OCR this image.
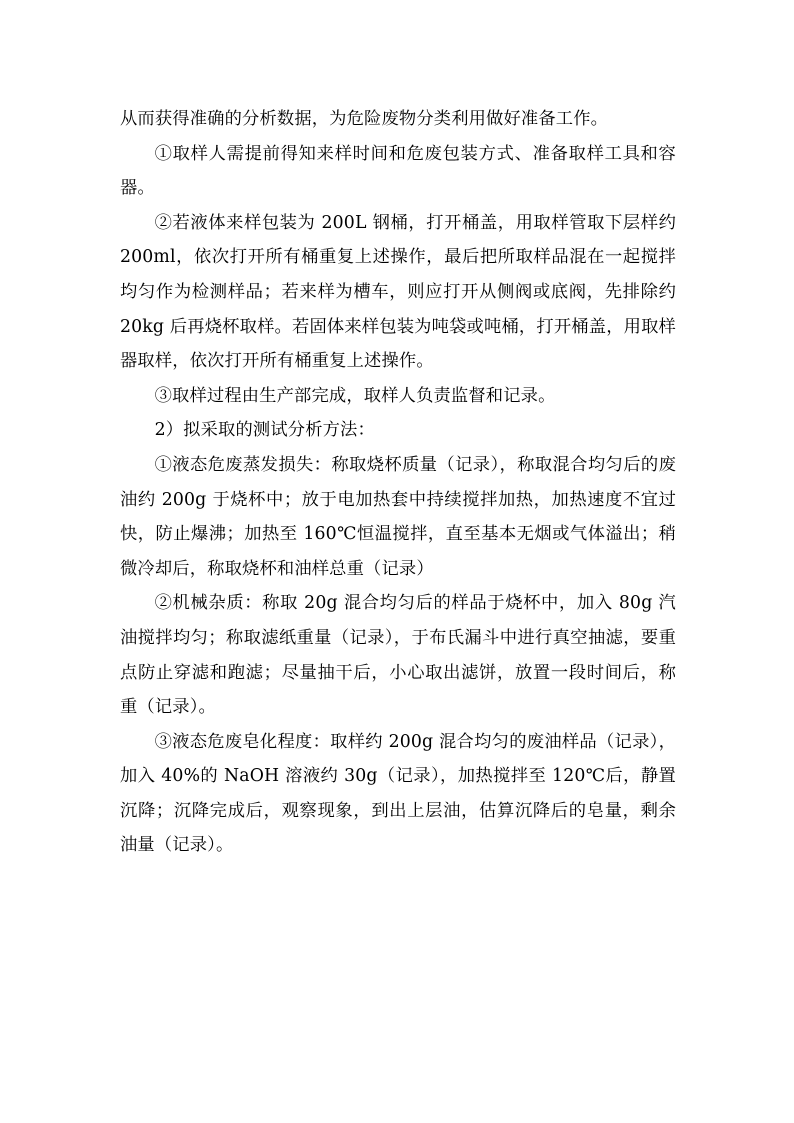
从而获得准确的分析数据，为危险废物分类利用做好准备工作。

①取样人需提前得知来样时间和危废包装方式、准备取样工具和容器。

②若液体来样包装为 200L 钢桶，打开桶盖，用取样管取下层样约 200ml，依次打开所有桶重复上述操作，最后把所取样品混在一起搅拌均匀作为检测样品；若来样为槽车，则应打开从侧阀或底阀，先排除约 20kg 后再烧杯取样。若固体来样包装为吨袋或吨桶，打开桶盖，用取样器取样，依次打开所有桶重复上述操作。

③取样过程由生产部完成，取样人负责监督和记录。

2）拟采取的测试分析方法：

①液态危废蒸发损失：称取烧杯质量（记录），称取混合均匀后的废油约 200g 于烧杯中；放于电加热套中持续搅拌加热，加热速度不宜过快，防止爆沸；加热至 160℃恒温搅拌，直至基本无烟或气体溢出；稍微冷却后，称取烧杯和油样总重（记录）

②机械杂质：称取 20g 混合均匀后的样品于烧杯中，加入 80g 汽油搅拌均匀；称取滤纸重量（记录），于布氏漏斗中进行真空抽滤，要重点防止穿滤和跑滤；尽量抽干后，小心取出滤饼，放置一段时间后，称重（记录）。

③液态危废皂化程度：取样约 200g 混合均匀的废油样品（记录），加入 40%的 NaOH 溶液约 30g（记录），加热搅拌至 120℃后，静置沉降；沉降完成后，观察现象，到出上层油，估算沉降后的皂量，剩余油量（记录）。
